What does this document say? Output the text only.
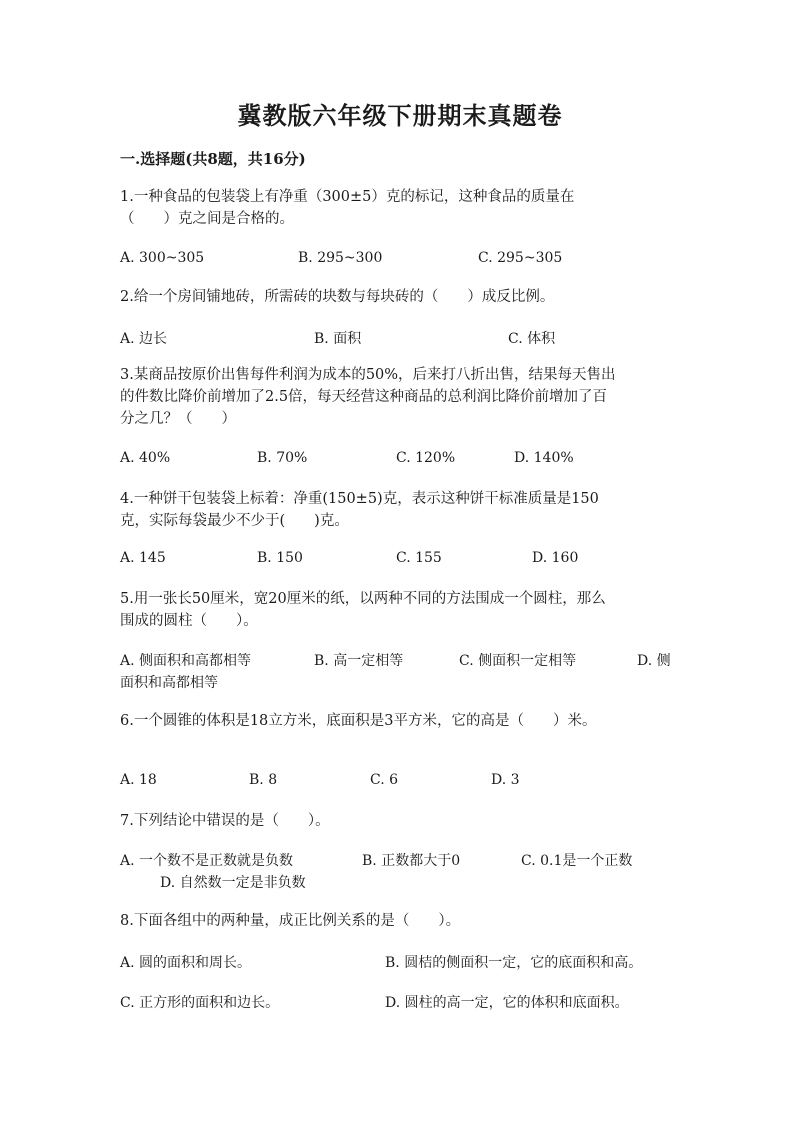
冀教版六年级下册期末真题卷
一.选择题(共8题，共16分)
1.一种食品的包装袋上有净重（300±5）克的标记，这种食品的质量在
（　　）克之间是合格的。
A. 300~305	B. 295~300	C. 295~305
2.给一个房间铺地砖，所需砖的块数与每块砖的（　　）成反比例。
A. 边长	B. 面积	C. 体积
3.某商品按原价出售每件利润为成本的50%，后来打八折出售，结果每天售出
的件数比降价前增加了2.5倍，每天经营这种商品的总利润比降价前增加了百
分之几？（　　）
A. 40%	B. 70%	C. 120%	D. 140%
4.一种饼干包装袋上标着：净重(150±5)克，表示这种饼干标准质量是150
克，实际每袋最少不少于(　　)克。
A. 145	B. 150	C. 155	D. 160
5.用一张长50厘米，宽20厘米的纸，以两种不同的方法围成一个圆柱，那么
围成的圆柱（　　）。
A. 侧面积和高都相等	B. 高一定相等	C. 侧面积一定相等	D. 侧
面积和高都相等
6.一个圆锥的体积是18立方米，底面积是3平方米，它的高是（　　）米。
A. 18	B. 8	C. 6	D. 3
7.下列结论中错误的是（　　）。
A. 一个数不是正数就是负数	B. 正数都大于0	C. 0.1是一个正数
D. 自然数一定是非负数
8.下面各组中的两种量，成正比例关系的是（　　）。
A. 圆的面积和周长。	B. 圆桔的侧面积一定，它的底面积和高。
C. 正方形的面积和边长。	D. 圆柱的高一定，它的体积和底面积。
